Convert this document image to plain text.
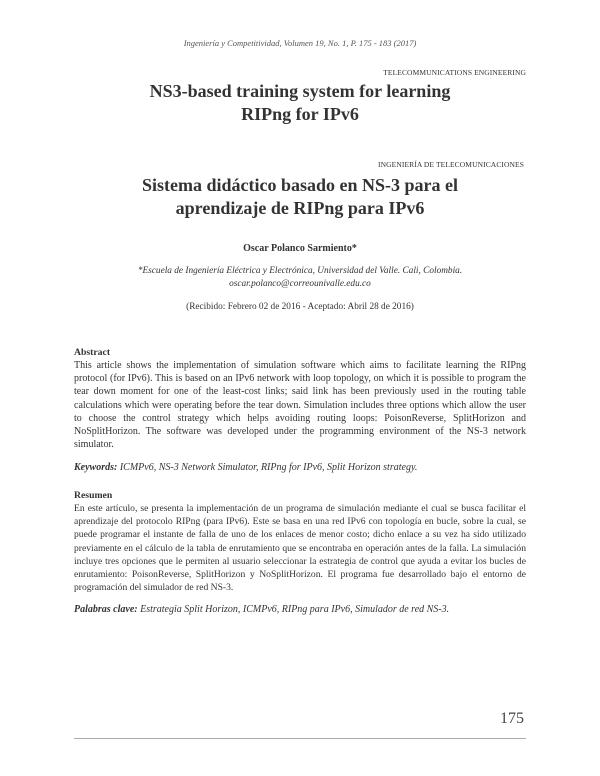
Ingeniería y Competitividad, Volumen 19, No. 1, P. 175 - 183 (2017)
TELECOMMUNICATIONS ENGINEERING
NS3-based training system for learning
RIPng for IPv6
INGENIERÍA DE TELECOMUNICACIONES
Sistema didáctico basado en NS-3 para el
aprendizaje de RIPng para IPv6
Oscar Polanco Sarmiento*
*Escuela de Ingeniería Eléctrica y Electrónica, Universidad del Valle. Cali, Colombia.
oscar.polanco@correounivalle.edu.co
(Recibido: Febrero 02 de 2016 - Aceptado: Abril 28 de 2016)
Abstract

This article shows the implementation of simulation software which aims to facilitate learning the RIPng protocol (for IPv6). This is based on an IPv6 network with loop topology, on which it is possible to program the tear down moment for one of the least-cost links; said link has been previously used in the routing table calculations which were operating before the tear down. Simulation includes three options which allow the user to choose the control strategy which helps avoiding routing loops: PoisonReverse, SplitHorizon and NoSplitHorizon. The software was developed under the programming environment of the NS-3 network simulator.

Keywords: ICMPv6, NS-3 Network Simulator, RIPng for IPv6, Split Horizon strategy.
Resumen

En este artículo, se presenta la implementación de un programa de simulación mediante el cual se busca facilitar el aprendizaje del protocolo RIPng (para IPv6). Este se basa en una red IPv6 con topología en bucle, sobre la cual, se puede programar el instante de falla de uno de los enlaces de menor costo; dicho enlace a su vez ha sido utilizado previamente en el cálculo de la tabla de enrutamiento que se encontraba en operación antes de la falla. La simulación incluye tres opciones que le permiten al usuario seleccionar la estrategia de control que ayuda a evitar los bucles de enrutamiento: PoisonReverse, SplitHorizon y NoSplitHorizon. El programa fue desarrollado bajo el entorno de programación del simulador de red NS-3.

Palabras clave: Estrategia Split Horizon, ICMPv6, RIPng para IPv6, Simulador de red NS-3.
175
